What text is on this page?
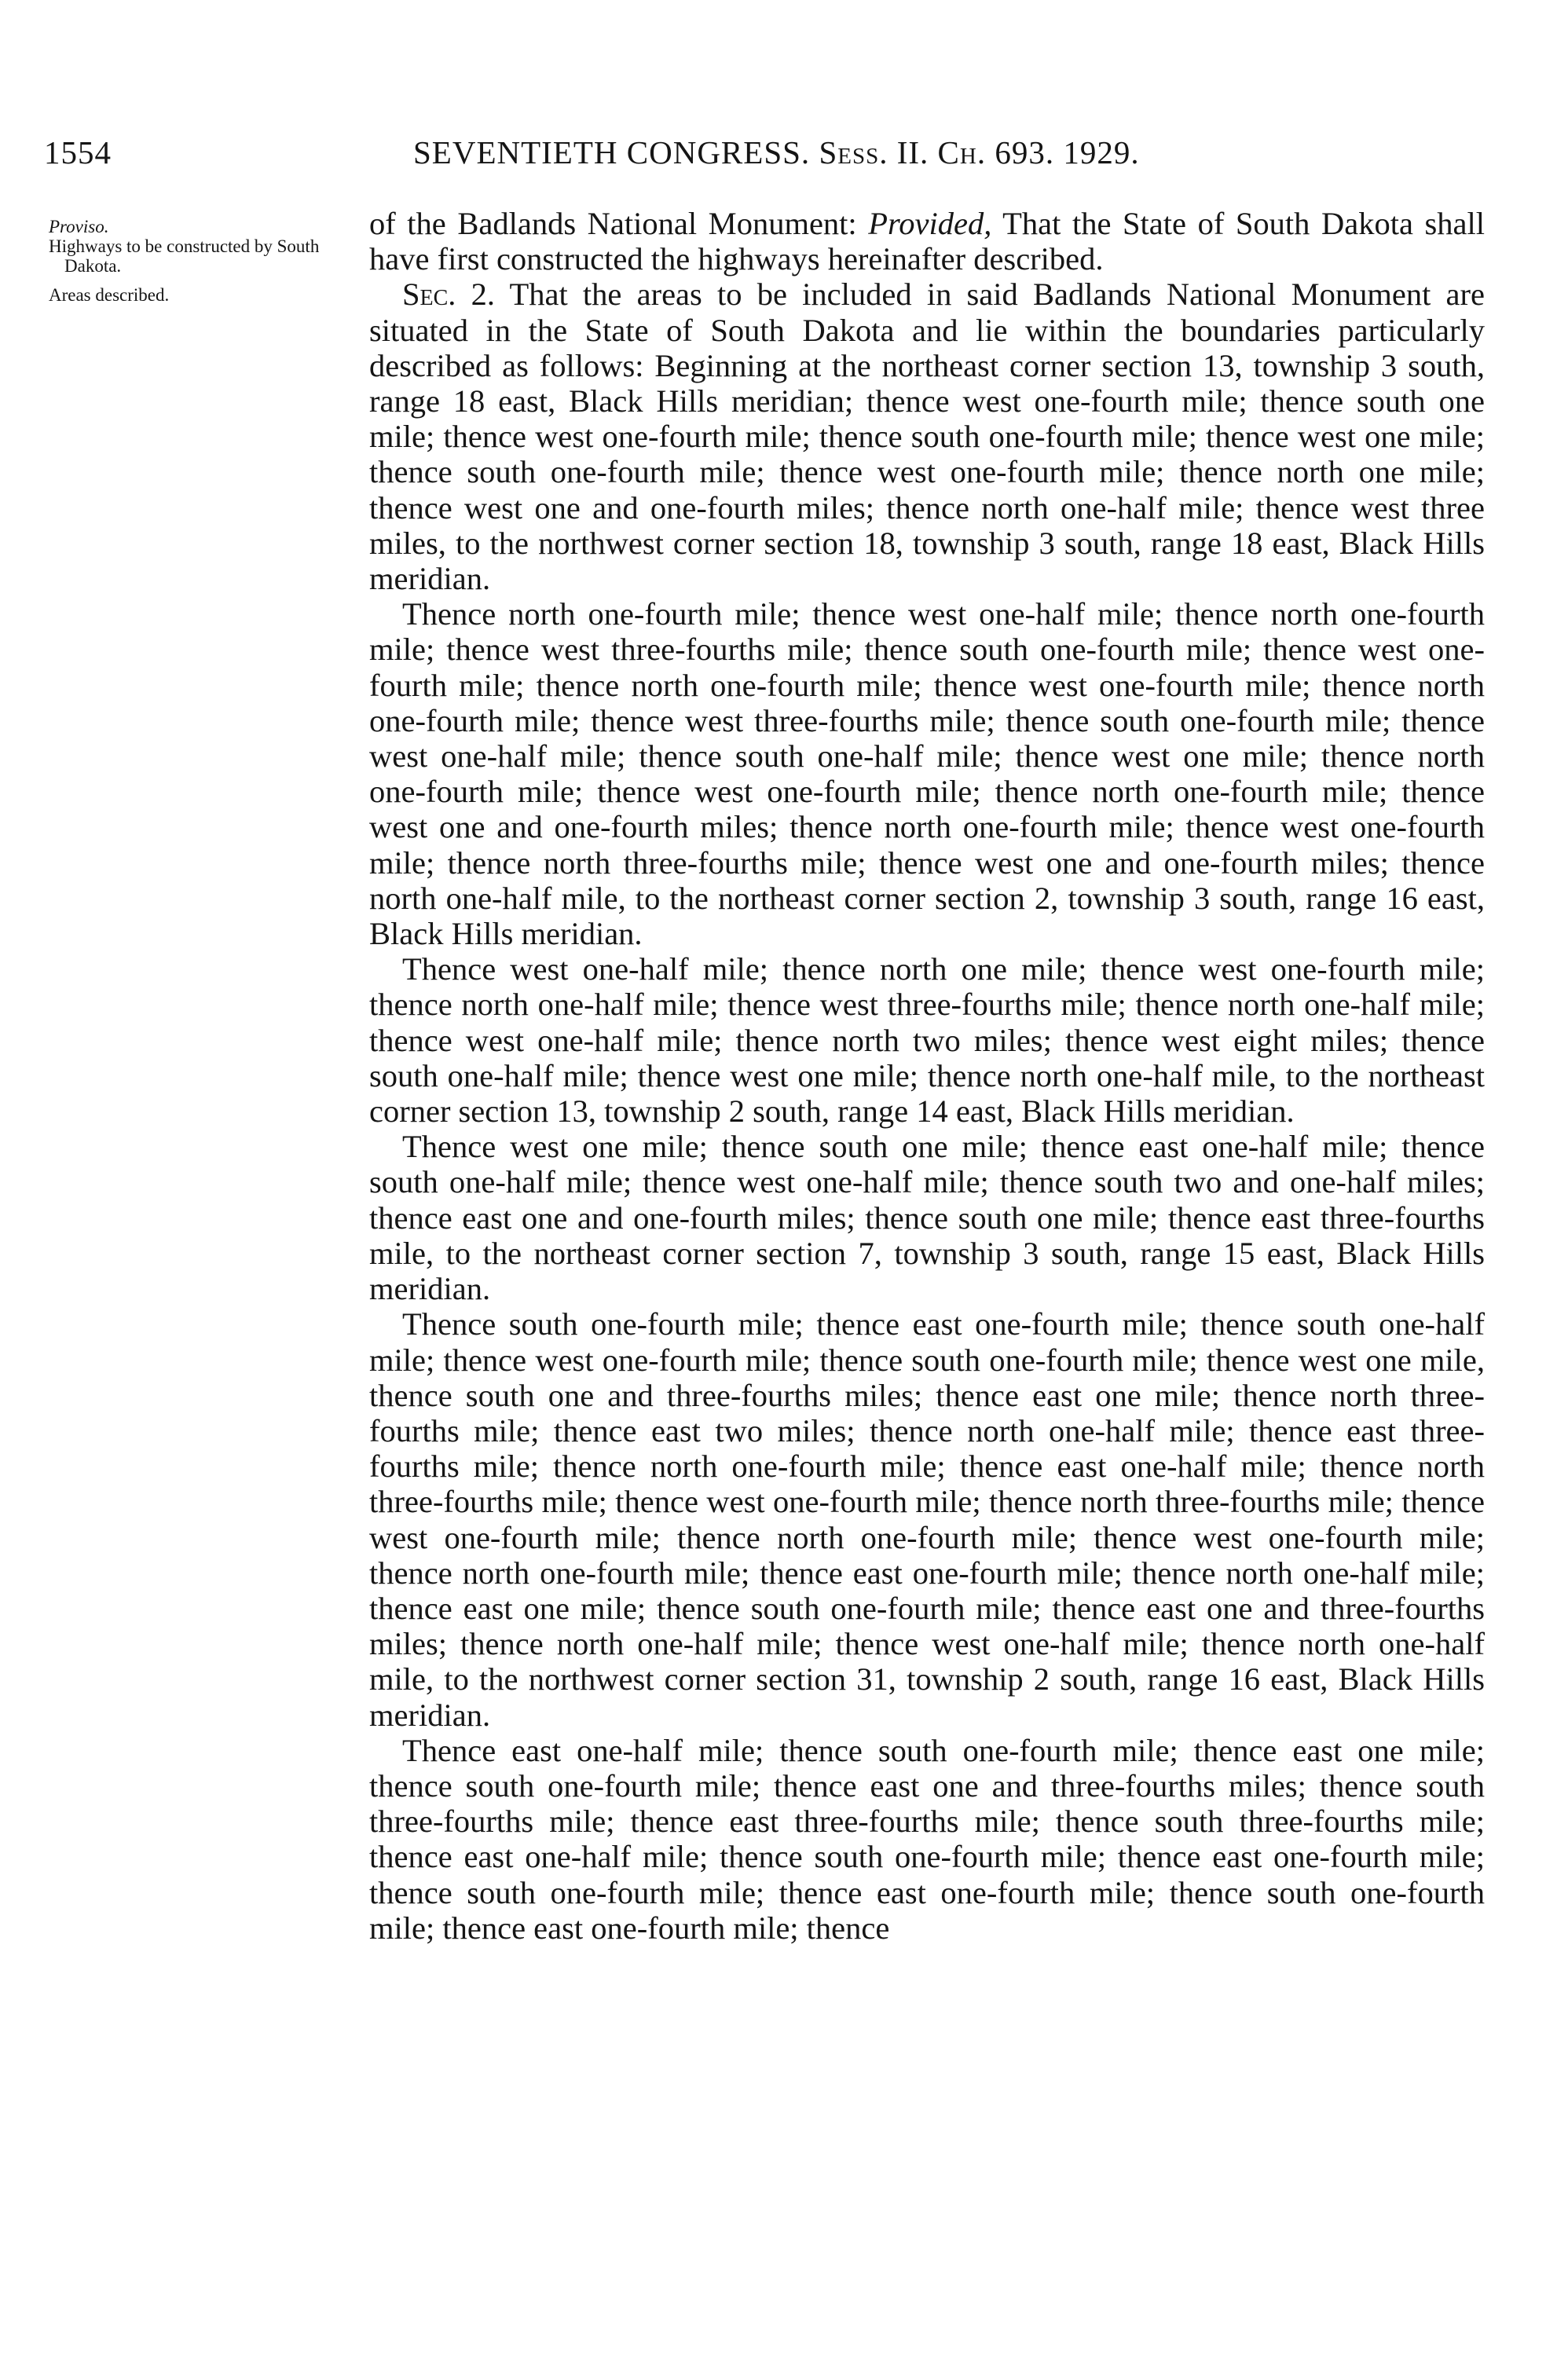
1554	SEVENTIETH CONGRESS. Sess. II. Ch. 693. 1929.

Proviso.

Highways to be constructed by South Dakota.

Areas described.

of the Badlands National Monument: Provided, That the State of South Dakota shall have first constructed the highways hereinafter described.

Sec. 2. That the areas to be included in said Badlands National Monument are situated in the State of South Dakota and lie within the boundaries particularly described as follows: Beginning at the northeast corner section 13, township 3 south, range 18 east, Black Hills meridian; thence west one-fourth mile; thence south one mile; thence west one-fourth mile; thence south one-fourth mile; thence west one mile; thence south one-fourth mile; thence west one-fourth mile; thence north one mile; thence west one and one-fourth miles; thence north one-half mile; thence west three miles, to the northwest corner section 18, township 3 south, range 18 east, Black Hills meridian.

Thence north one-fourth mile; thence west one-half mile; thence north one-fourth mile; thence west three-fourths mile; thence south one-fourth mile; thence west one-fourth mile; thence north one-fourth mile; thence west one-fourth mile; thence north one-fourth mile; thence west three-fourths mile; thence south one-fourth mile; thence west one-half mile; thence south one-half mile; thence west one mile; thence north one-fourth mile; thence west one-fourth mile; thence north one-fourth mile; thence west one and one-fourth miles; thence north one-fourth mile; thence west one-fourth mile; thence north three-fourths mile; thence west one and one-fourth miles; thence north one-half mile, to the northeast corner section 2, township 3 south, range 16 east, Black Hills meridian.

Thence west one-half mile; thence north one mile; thence west one-fourth mile; thence north one-half mile; thence west three-fourths mile; thence north one-half mile; thence west one-half mile; thence north two miles; thence west eight miles; thence south one-half mile; thence west one mile; thence north one-half mile, to the northeast corner section 13, township 2 south, range 14 east, Black Hills meridian.

Thence west one mile; thence south one mile; thence east one-half mile; thence south one-half mile; thence west one-half mile; thence south two and one-half miles; thence east one and one-fourth miles; thence south one mile; thence east three-fourths mile, to the northeast corner section 7, township 3 south, range 15 east, Black Hills meridian.

Thence south one-fourth mile; thence east one-fourth mile; thence south one-half mile; thence west one-fourth mile; thence south one-fourth mile; thence west one mile, thence south one and three-fourths miles; thence east one mile; thence north three-fourths mile; thence east two miles; thence north one-half mile; thence east three-fourths mile; thence north one-fourth mile; thence east one-half mile; thence north three-fourths mile; thence west one-fourth mile; thence north three-fourths mile; thence west one-fourth mile; thence north one-fourth mile; thence west one-fourth mile; thence north one-fourth mile; thence east one-fourth mile; thence north one-half mile; thence east one mile; thence south one-fourth mile; thence east one and three-fourths miles; thence north one-half mile; thence west one-half mile; thence north one-half mile, to the northwest corner section 31, township 2 south, range 16 east, Black Hills meridian.

Thence east one-half mile; thence south one-fourth mile; thence east one mile; thence south one-fourth mile; thence east one and three-fourths miles; thence south three-fourths mile; thence east three-fourths mile; thence south three-fourths mile; thence east one-half mile; thence south one-fourth mile; thence east one-fourth mile; thence south one-fourth mile; thence east one-fourth mile; thence south one-fourth mile; thence east one-fourth mile; thence
